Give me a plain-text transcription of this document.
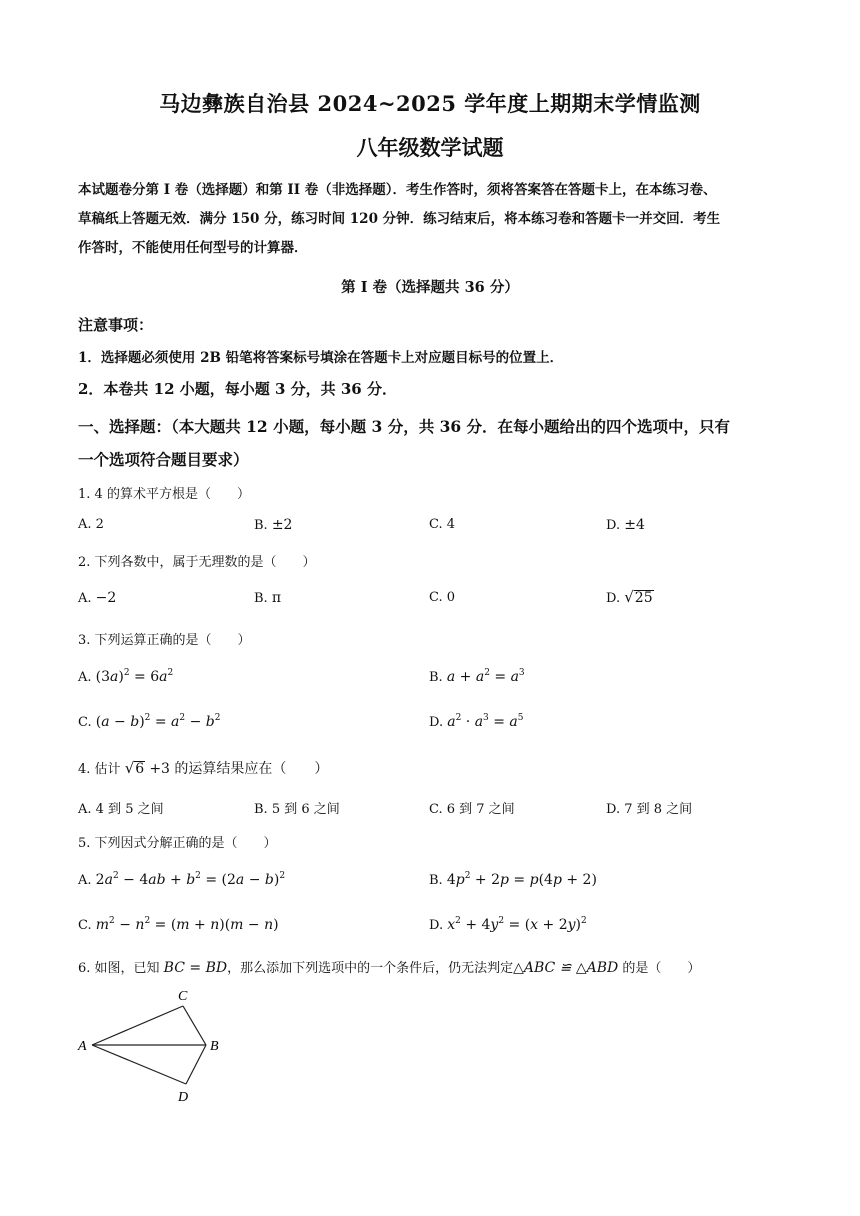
马边彝族自治县 2024~2025 学年度上期期末学情监测
八年级数学试题

本试题卷分第 I 卷（选择题）和第 II 卷（非选择题）．考生作答时，须将答案答在答题卡上，在本练习卷、

草稿纸上答题无效．满分 150 分，练习时间 120 分钟．练习结束后，将本练习卷和答题卡一并交回．考生

作答时，不能使用任何型号的计算器．

第 I 卷（选择题共 36 分）
注意事项：
1．选择题必须使用 2B 铅笔将答案标号填涂在答题卡上对应题目标号的位置上．
2．本卷共 12 小题，每小题 3 分，共 36 分．

一、选择题：（本大题共 12 小题，每小题 3 分，共 36 分．在每小题给出的四个选项中，只有

一个选项符合题目要求）

1. 4 的算术平方根是（　　）
A. 2	B. ±2	C. 4	D. ±4
2. 下列各数中，属于无理数的是（　　）
A. −2	B. π	C. 0	D. √25
3. 下列运算正确的是（　　）
A. $(3a)^2 = 6a^2$	B. $a + a^2 = a^3$
C. $(a - b)^2 = a^2 - b^2$	D. $a^2 \cdot a^3 = a^5$
4. 估计 √6 +3 的运算结果应在（　　）
A. 4 到 5 之间	B. 5 到 6 之间	C. 6 到 7 之间	D. 7 到 8 之间
5. 下列因式分解正确的是（　　）
A. $2a^2 - 4ab + b^2 = (2a - b)^2$	B. $4p^2 + 2p = p(4p + 2)$
C. $m^2 - n^2 = (m + n)(m - n)$	D. $x^2 + 4y^2 = (x + 2y)^2$
6. 如图，已知 BC = BD，那么添加下列选项中的一个条件后，仍无法判定△ABC ≌ △ABD 的是（　　）
A	B
C
D
